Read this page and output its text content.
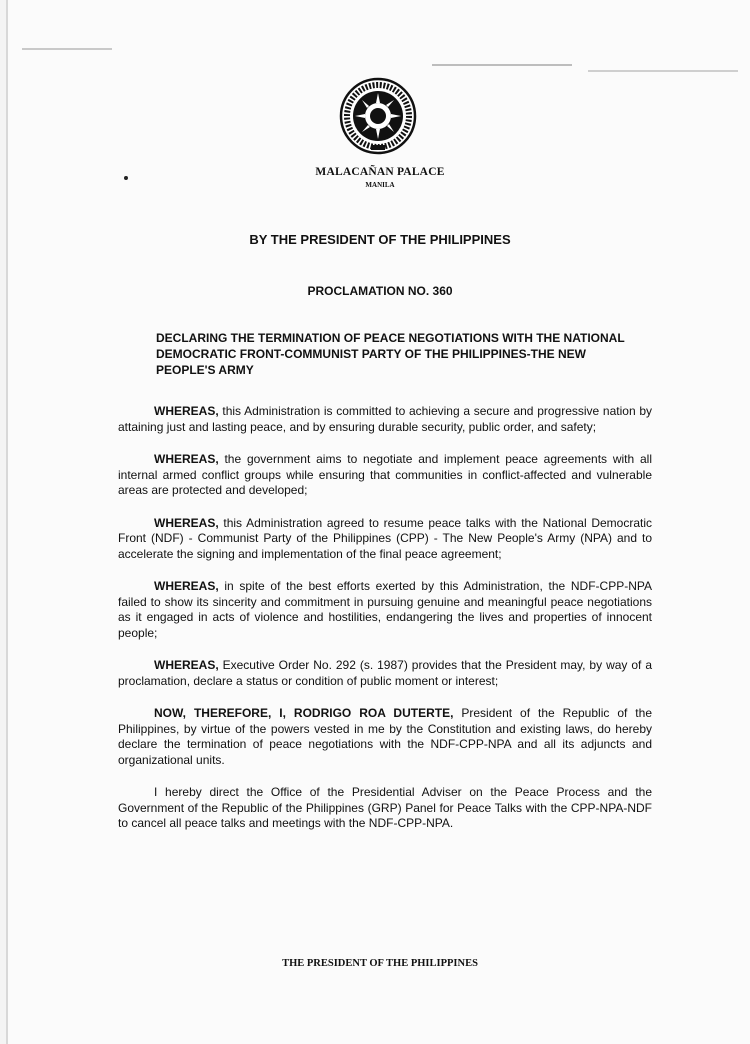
MALACAÑAN PALACE
MANILA
BY THE PRESIDENT OF THE PHILIPPINES
PROCLAMATION NO. 360
DECLARING THE TERMINATION OF PEACE NEGOTIATIONS WITH THE NATIONAL DEMOCRATIC FRONT-COMMUNIST PARTY OF THE PHILIPPINES-THE NEW PEOPLE'S ARMY

WHEREAS, this Administration is committed to achieving a secure and progressive nation by attaining just and lasting peace, and by ensuring durable security, public order, and safety;

WHEREAS, the government aims to negotiate and implement peace agreements with all internal armed conflict groups while ensuring that communities in conflict-affected and vulnerable areas are protected and developed;

WHEREAS, this Administration agreed to resume peace talks with the National Democratic Front (NDF) - Communist Party of the Philippines (CPP) - The New People's Army (NPA) and to accelerate the signing and implementation of the final peace agreement;

WHEREAS, in spite of the best efforts exerted by this Administration, the NDF-CPP-NPA failed to show its sincerity and commitment in pursuing genuine and meaningful peace negotiations as it engaged in acts of violence and hostilities, endangering the lives and properties of innocent people;

WHEREAS, Executive Order No. 292 (s. 1987) provides that the President may, by way of a proclamation, declare a status or condition of public moment or interest;

NOW, THEREFORE, I, RODRIGO ROA DUTERTE, President of the Republic of the Philippines, by virtue of the powers vested in me by the Constitution and existing laws, do hereby declare the termination of peace negotiations with the NDF-CPP-NPA and all its adjuncts and organizational units.

I hereby direct the Office of the Presidential Adviser on the Peace Process and the Government of the Republic of the Philippines (GRP) Panel for Peace Talks with the CPP-NPA-NDF to cancel all peace talks and meetings with the NDF-CPP-NPA.

THE PRESIDENT OF THE PHILIPPINES
